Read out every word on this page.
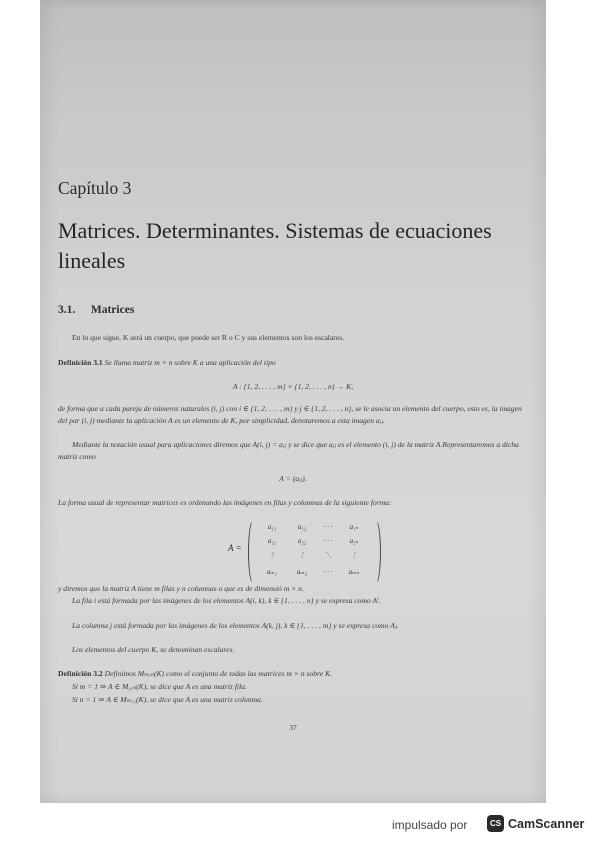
Capítulo 3
Matrices. Determinantes. Sistemas de ecuaciones lineales
3.1. Matrices

En lo que sigue, K será un cuerpo, que puede ser R o C y sus elementos son los escalares.

Definición 3.1 Se llama matriz m × n sobre K a una aplicación del tipo

A : {1, 2, . . . , m} × {1, 2, . . . , n} → K,

de forma que a cada pareja de números naturales (i, j) con i ∈ {1, 2, . . . , m} y j ∈ {1, 2, . . . , n}, se le asocia un elemento del cuerpo, esto es, la imagen del par (i, j) mediante la aplicación A es un elemento de K, por simplicidad, denotaremos a esta imagen aᵢⱼ.

Mediante la notación usual para aplicaciones diremos que A(i, j) = aᵢⱼ y se dice que aᵢⱼ es el elemento (i, j) de la matriz A.Representaremos a dicha matriz como

A = (aᵢⱼ).

La forma usual de representar matrices es ordenando las imágenes en filas y columnas de la siguiente forma:

A =
a₁₁	a₁₂	· · ·	a₁ₙ
a₂₁	a₂₂	· · ·	a₂ₙ
⋮	⋮	⋱	⋮
aₘ₁	aₘ₂	· · ·	aₘₙ

y diremos que la matriz A tiene m filas y n columnas o que es de dimensió m × n.

La fila i está formada por las imágenes de los elementos A(i, k), k ∈ {1, . . . , n} y se expresa como Aⁱ.

La columna j está formada por las imágenes de los elementos A(k, j), k ∈ {1, . . . , m} y se expresa como Aⱼ.

Los elementos del cuerpo K, se denominan escalares.

Definición 3.2 Definimos Mₘₓₙ(K) como el conjunto de todas las matrices m × n sobre K.

Si m = 1 ⇒ A ∈ M₁ₓₙ(K), se dice que A es una matriz fila.

Si n = 1 ⇒ A ∈ Mₘₓ₁(K), se dice que A es una matriz columna.

37

impulsado por	CS CamScanner
